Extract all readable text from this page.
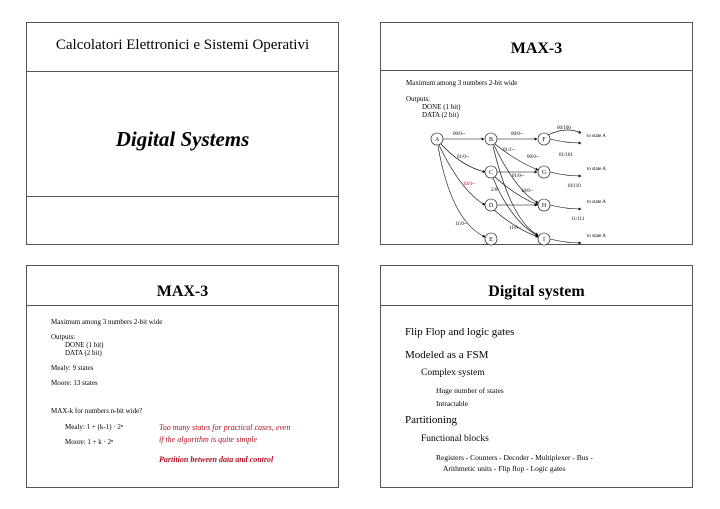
Calcolatori Elettronici e Sistemi Operativi
Digital Systems
MAX-3
Maximum among 3 numbers 2-bit wide
Outputs:
DONE (1 bit)
DATA (2 bit)
A	B	F
C	G
D	H
E	I
00/0--	00/0--
00/100
01/1--
01/0--	00/0--	01/101
01/0--
10/0--
2/0-	10/0--
10/110
11/0--
11/0--
11/111
to state A
to state A
to state A
to state A
MAX-3
Maximum among 3 numbers 2-bit wide
Outputs:
DONE (1 bit)
DATA (2 bit)
Mealy: 9 states
Moore: 13 states
MAX-k for numbers n-bit wide?
Mealy: 1 + (k-1) · 2ⁿ
Moore: 1 + k · 2ⁿ
Too many states for practical cases, even
if the algorithm is quite simple
Partition between data and control
Digital system
Flip Flop and logic gates
Modeled as a FSM
Complex system
Huge number of states
Intractable
Partitioning
Functional blocks
Registers - Counters - Decoder - Multiplexer - Bus -
Arithmetic units - Flip flop - Logic gates
